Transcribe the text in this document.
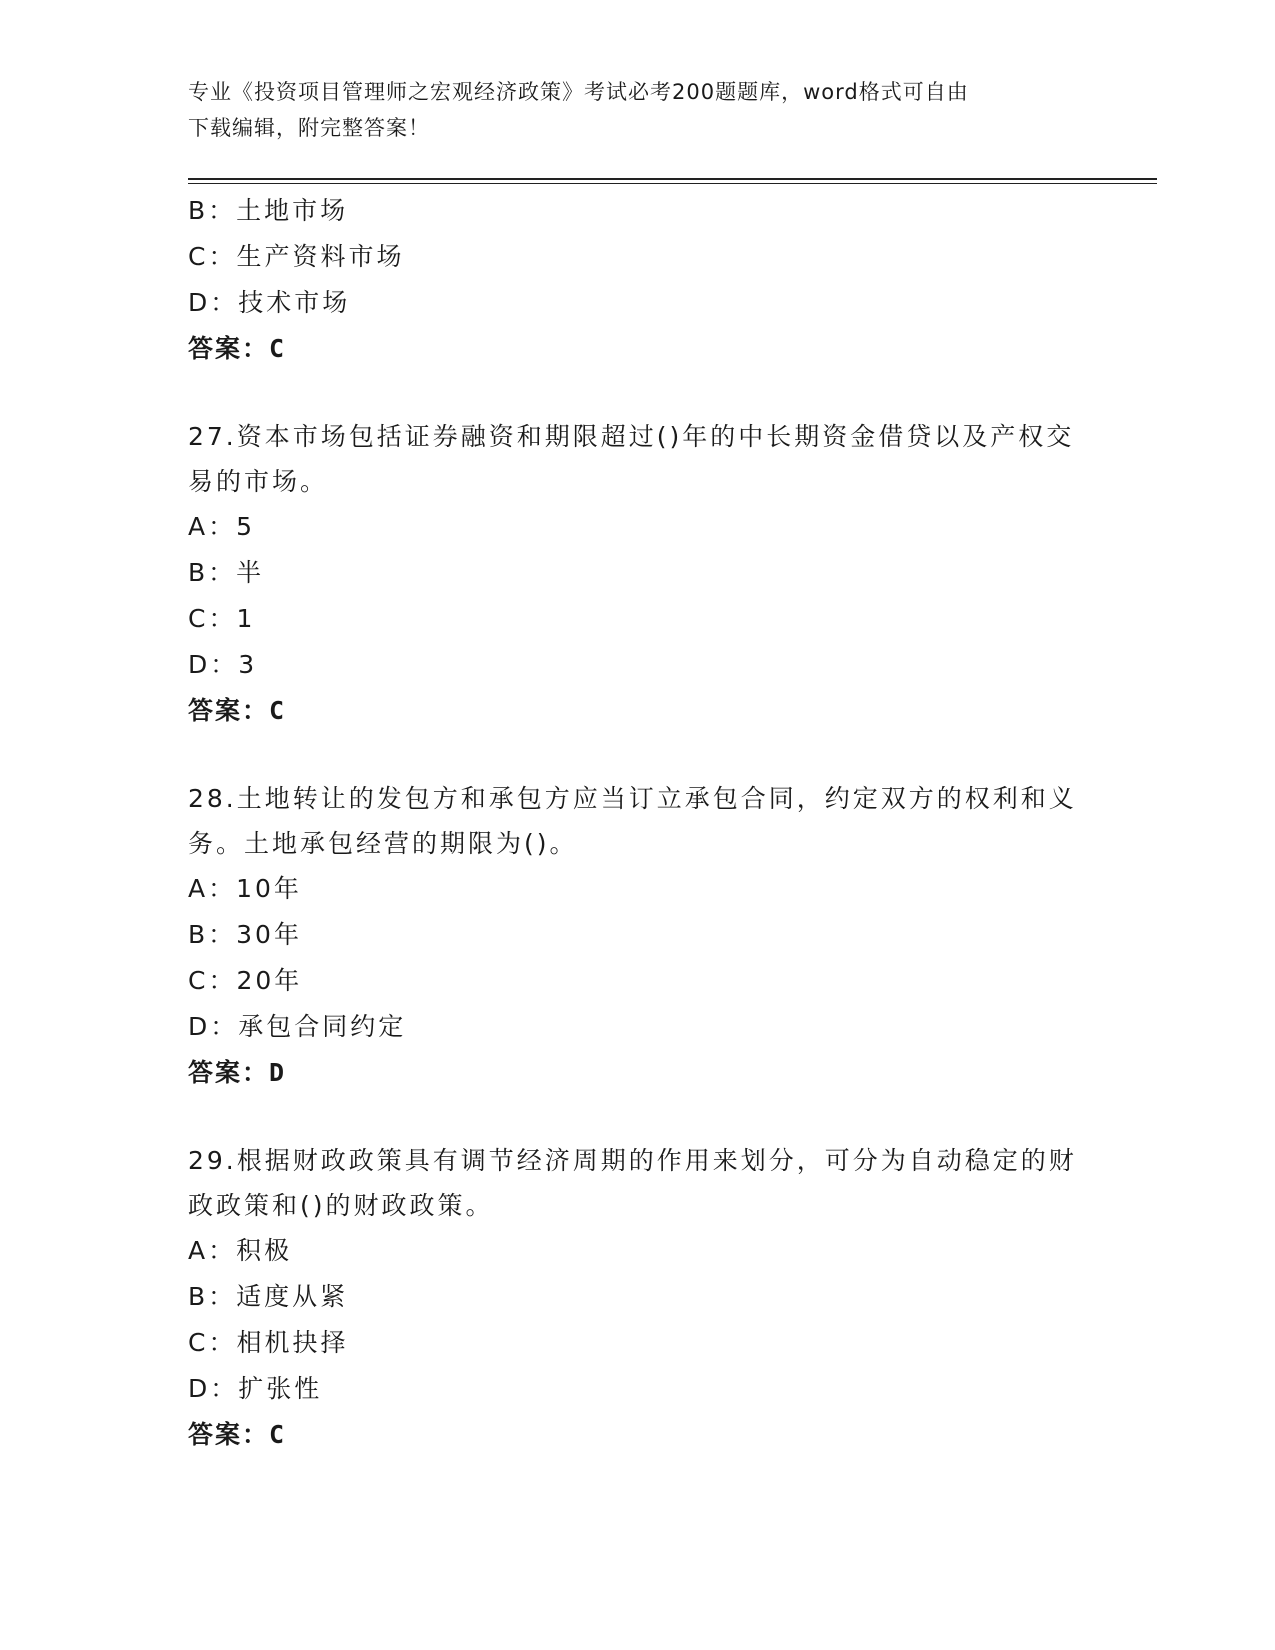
专业《投资项目管理师之宏观经济政策》考试必考200题题库，word格式可自由
下载编辑，附完整答案！
B：土地市场
C：生产资料市场
D：技术市场
答案：C
27.资本市场包括证券融资和期限超过()年的中长期资金借贷以及产权交易的市场。
A：5
B：半
C：1
D：3
答案：C
28.土地转让的发包方和承包方应当订立承包合同，约定双方的权利和义务。土地承包经营的期限为()。
A：10年
B：30年
C：20年
D：承包合同约定
答案：D
29.根据财政政策具有调节经济周期的作用来划分，可分为自动稳定的财政政策和()的财政政策。
A：积极
B：适度从紧
C：相机抉择
D：扩张性
答案：C
